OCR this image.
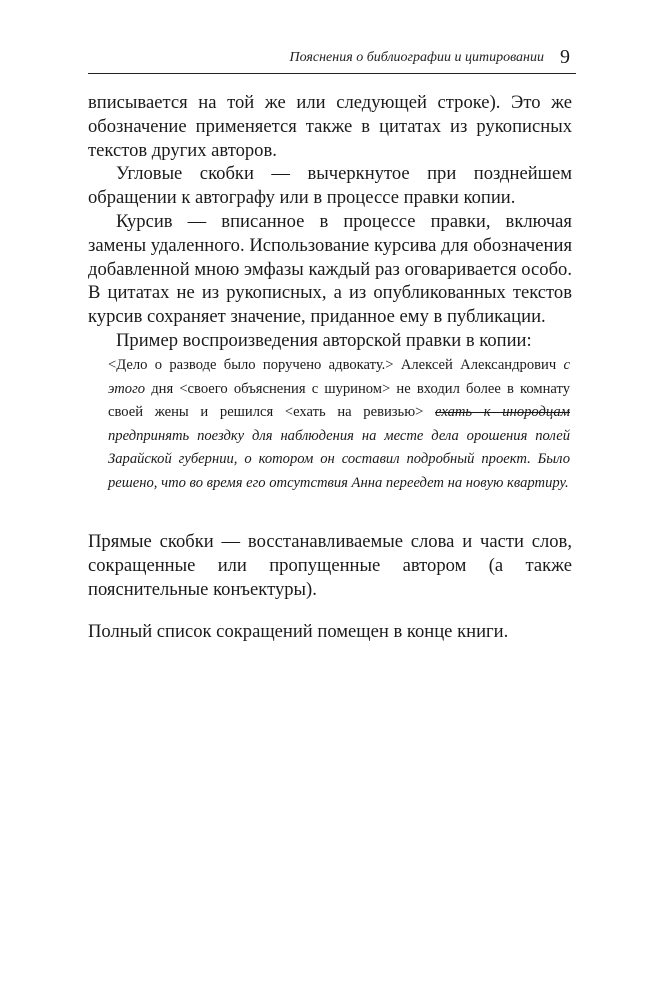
Пояснения о библиографии и цитировании 9

вписывается на той же или следующей строке). Это же обозначение применяется также в цитатах из рукописных текстов других авторов.

Угловые скобки — вычеркнутое при позднейшем обращении к автографу или в процессе правки копии.

Курсив — вписанное в процессе правки, включая замены удаленного. Использование курсива для обозначения добавленной мною эмфазы каждый раз оговаривается особо. В цитатах не из рукописных, а из опубликованных текстов курсив сохраняет значение, приданное ему в публикации.

Пример воспроизведения авторской правки в копии:

<Дело о разводе было поручено адвокату.> Алексей Александрович с этого дня <своего объяснения с шурином> не входил более в комнату своей жены и решился <ехать на ревизью> ехать к инородцам предпринять поездку для наблюдения на месте дела орошения полей Зарайской губернии, о котором он составил подробный проект. Было решено, что во время его отсутствия Анна переедет на новую квартиру.

Прямые скобки — восстанавливаемые слова и части слов, сокращенные или пропущенные автором (а также пояснительные конъектуры).

Полный список сокращений помещен в конце книги.
